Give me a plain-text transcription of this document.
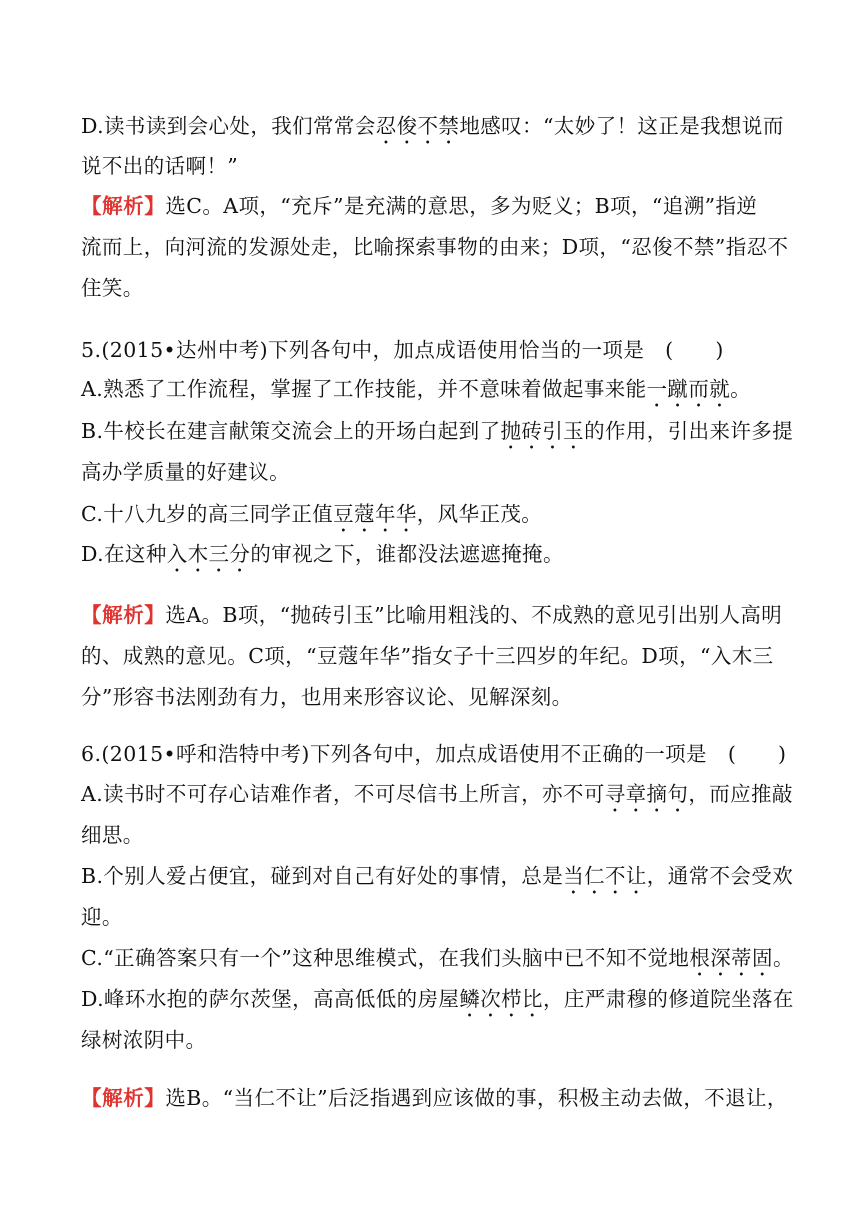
D.读书读到会心处，我们常常会忍俊不禁地感叹：“太妙了！这正是我想说而
说不出的话啊！”
【解析】选C。A项，“充斥”是充满的意思，多为贬义；B项，“追溯”指逆
流而上，向河流的发源处走，比喻探索事物的由来；D项，“忍俊不禁”指忍不
住笑。
5.(2015•达州中考)下列各句中，加点成语使用恰当的一项是　(　　)
A.熟悉了工作流程，掌握了工作技能，并不意味着做起事来能一蹴而就。
B.牛校长在建言献策交流会上的开场白起到了抛砖引玉的作用，引出来许多提
高办学质量的好建议。
C.十八九岁的高三同学正值豆蔻年华，风华正茂。
D.在这种入木三分的审视之下，谁都没法遮遮掩掩。
【解析】选A。B项，“抛砖引玉”比喻用粗浅的、不成熟的意见引出别人高明
的、成熟的意见。C项，“豆蔻年华”指女子十三四岁的年纪。D项，“入木三
分”形容书法刚劲有力，也用来形容议论、见解深刻。
6.(2015•呼和浩特中考)下列各句中，加点成语使用不正确的一项是　(　　)
A.读书时不可存心诘难作者，不可尽信书上所言，亦不可寻章摘句，而应推敲
细思。
B.个别人爱占便宜，碰到对自己有好处的事情，总是当仁不让，通常不会受欢
迎。
C.“正确答案只有一个”这种思维模式，在我们头脑中已不知不觉地根深蒂固。
D.峰环水抱的萨尔茨堡，高高低低的房屋鳞次栉比，庄严肃穆的修道院坐落在
绿树浓阴中。
【解析】选B。“当仁不让”后泛指遇到应该做的事，积极主动去做，不退让，
